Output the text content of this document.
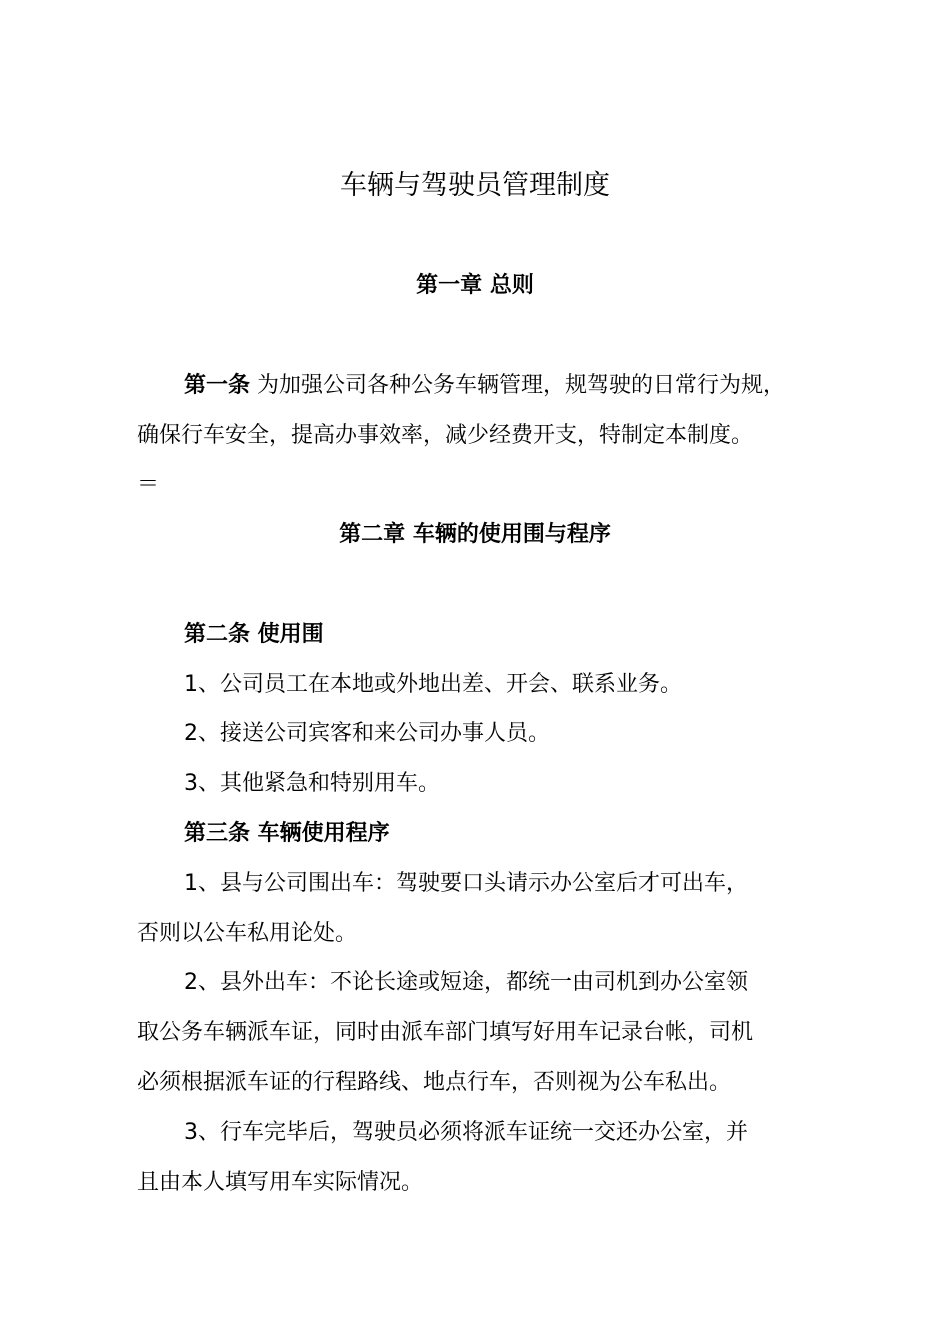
车辆与驾驶员管理制度
第一章 总则
第一条 为加强公司各种公务车辆管理，规驾驶的日常行为规，
确保行车安全，提高办事效率，减少经费开支，特制定本制度。
＝
第二章 车辆的使用围与程序
第二条 使用围
1、公司员工在本地或外地出差、开会、联系业务。
2、接送公司宾客和来公司办事人员。
3、其他紧急和特别用车。
第三条 车辆使用程序
1、县与公司围出车：驾驶要口头请示办公室后才可出车，
否则以公车私用论处。
2、县外出车：不论长途或短途，都统一由司机到办公室领
取公务车辆派车证，同时由派车部门填写好用车记录台帐，司机
必须根据派车证的行程路线、地点行车，否则视为公车私出。
3、行车完毕后，驾驶员必须将派车证统一交还办公室，并
且由本人填写用车实际情况。
